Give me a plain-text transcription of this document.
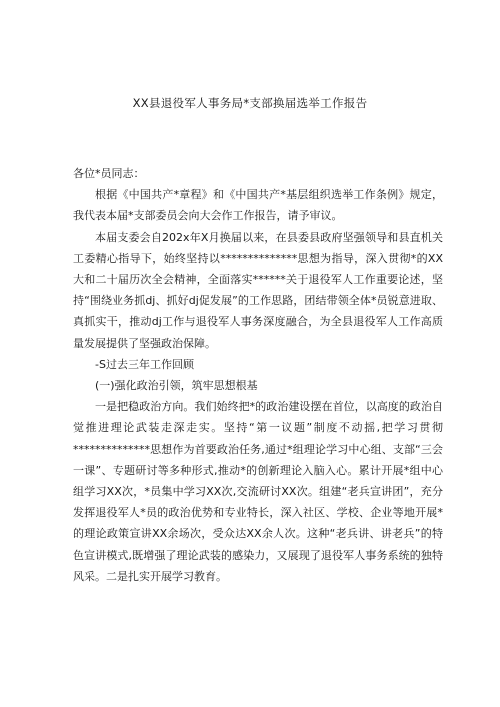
XX县退役军人事务局*支部换届选举工作报告

各位*员同志：

根据《中国共产*章程》和《中国共产*基层组织选举工作条例》规定，我代表本届*支部委员会向大会作工作报告，请予审议。

本届支委会自202x年X月换届以来，在县委县政府坚强领导和县直机关工委精心指导下，始终坚持以**************思想为指导，深入贯彻*的XX大和二十届历次全会精神，全面落实******关于退役军人工作重要论述，坚持“围绕业务抓dj、抓好dj促发展”的工作思路，团结带领全体*员锐意进取、真抓实干，推动dj工作与退役军人事务深度融合，为全县退役军人工作高质量发展提供了坚强政治保障。

-S过去三年工作回顾

(一)强化政治引领，筑牢思想根基

一是把稳政治方向。我们始终把*的政治建设摆在首位，以高度的政治自觉推进理论武装走深走实。坚持“第一议题”制度不动摇,把学习贯彻**************思想作为首要政治任务,通过*组理论学习中心组、支部“三会一课”、专题研讨等多种形式,推动*的创新理论入脑入心。累计开展*组中心组学习XX次，*员集中学习XX次,交流研讨XX次。组建“老兵宣讲团”，充分发挥退役军人*员的政治优势和专业特长，深入社区、学校、企业等地开展*的理论政策宣讲XX余场次，受众达XX余人次。这种“老兵讲、讲老兵”的特色宣讲模式,既增强了理论武装的感染力，又展现了退役军人事务系统的独特风采。二是扎实开展学习教育。
